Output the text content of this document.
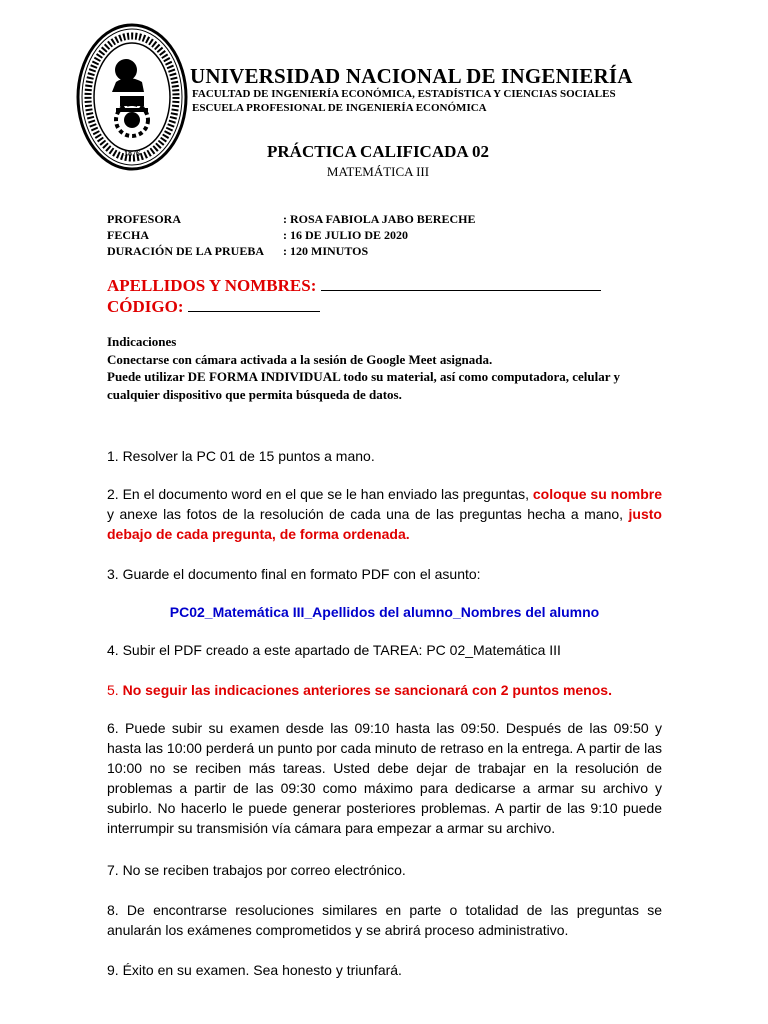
1876
UNIVERSIDAD NACIONAL DE INGENIERÍA
FACULTAD DE INGENIERÍA ECONÓMICA, ESTADÍSTICA Y CIENCIAS SOCIALES
ESCUELA PROFESIONAL DE INGENIERÍA ECONÓMICA
PRÁCTICA CALIFICADA 02
MATEMÁTICA III
PROFESORA	: ROSA FABIOLA JABO BERECHE
FECHA	: 16 DE JULIO DE 2020
DURACIÓN DE LA PRUEBA : 120 MINUTOS
APELLIDOS Y NOMBRES:
CÓDIGO:
Indicaciones
Conectarse con cámara activada a la sesión de Google Meet asignada.
Puede utilizar DE FORMA INDIVIDUAL todo su material, así como computadora, celular y cualquier dispositivo que permita búsqueda de datos.
1. Resolver la PC 01 de 15 puntos a mano.
2. En el documento word en el que se le han enviado las preguntas, coloque su nombre y anexe las fotos de la resolución de cada una de las preguntas hecha a mano, justo debajo de cada pregunta, de forma ordenada.
3. Guarde el documento final en formato PDF con el asunto:
PC02_Matemática III_Apellidos del alumno_Nombres del alumno
4. Subir el PDF creado a este apartado de TAREA: PC 02_Matemática III
5. No seguir las indicaciones anteriores se sancionará con 2 puntos menos.
6. Puede subir su examen desde las 09:10 hasta las 09:50. Después de las 09:50 y hasta las 10:00 perderá un punto por cada minuto de retraso en la entrega. A partir de las 10:00 no se reciben más tareas. Usted debe dejar de trabajar en la resolución de problemas a partir de las 09:30 como máximo para dedicarse a armar su archivo y subirlo. No hacerlo le puede generar posteriores problemas. A partir de las 9:10 puede interrumpir su transmisión vía cámara para empezar a armar su archivo.
7. No se reciben trabajos por correo electrónico.
8. De encontrarse resoluciones similares en parte o totalidad de las preguntas se anularán los exámenes comprometidos y se abrirá proceso administrativo.
9. Éxito en su examen. Sea honesto y triunfará.
